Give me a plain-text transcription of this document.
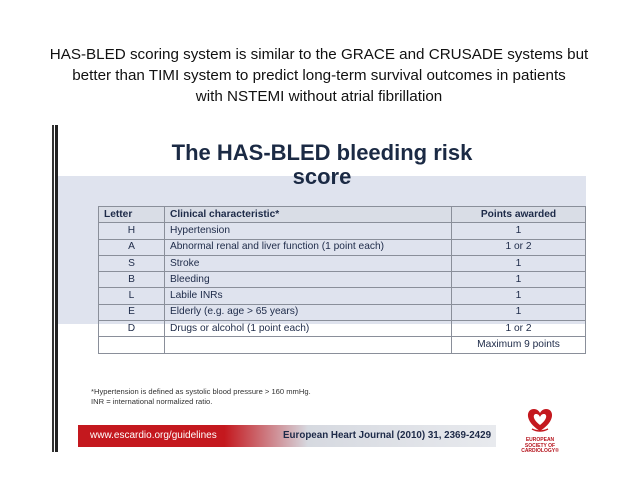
HAS-BLED scoring system is similar to the GRACE and CRUSADE systems but
better than TIMI system to predict long-term survival outcomes in patients
with NSTEMI without atrial fibrillation
The HAS-BLED bleeding risk
score
Letter	Clinical characteristic*	Points awarded
H	Hypertension	1
A	Abnormal renal and liver function (1 point each)	1 or 2
S	Stroke	1
B	Bleeding	1
L	Labile INRs	1
E	Elderly (e.g. age > 65 years)	1
D	Drugs or alcohol (1 point each)	1 or 2
		Maximum 9 points
*Hypertension is defined as systolic blood pressure > 160 mmHg.
INR = international normalized ratio.
www.escardio.org/guidelines	European Heart Journal (2010) 31, 2369-2429	EUROPEAN
SOCIETY OF
CARDIOLOGY®
